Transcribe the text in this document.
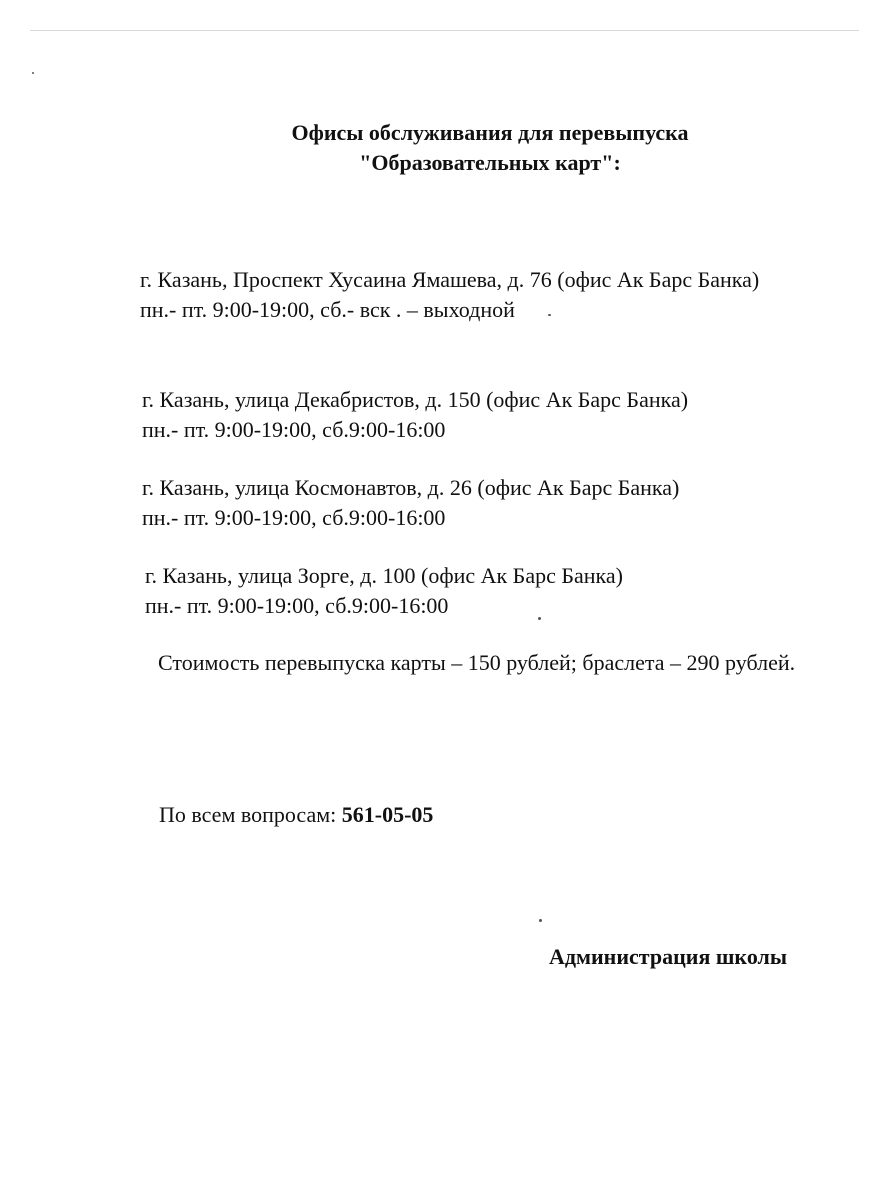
Офисы обслуживания для перевыпуска
"Образовательных карт":
г. Казань, Проспект Хусаина Ямашева, д. 76 (офис Ак Барс Банка)
пн.- пт. 9:00-19:00, сб.- вск . – выходной
г. Казань, улица Декабристов, д. 150 (офис Ак Барс Банка)
пн.- пт. 9:00-19:00, сб.9:00-16:00
г. Казань, улица Космонавтов, д. 26 (офис Ак Барс Банка)
пн.- пт. 9:00-19:00, сб.9:00-16:00
г. Казань, улица Зорге, д. 100 (офис Ак Барс Банка)
пн.- пт. 9:00-19:00, сб.9:00-16:00
Стоимость перевыпуска карты – 150 рублей; браслета – 290 рублей.
По всем вопросам: 561-05-05
Администрация школы
